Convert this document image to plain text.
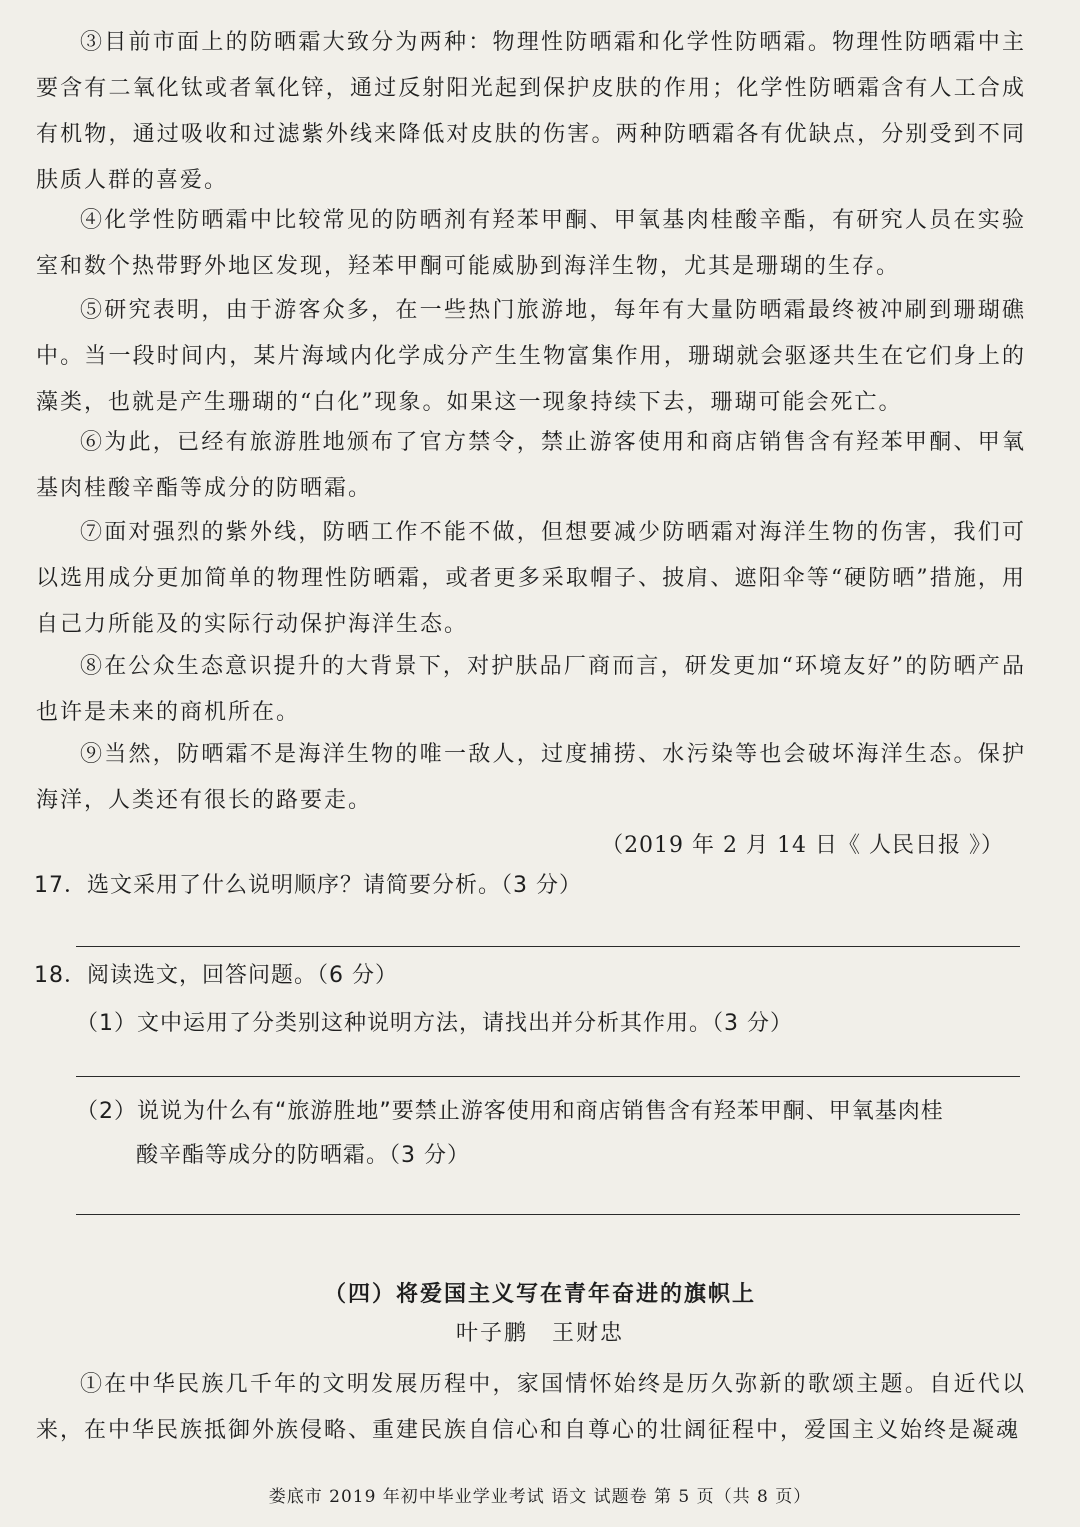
③目前市面上的防晒霜大致分为两种：物理性防晒霜和化学性防晒霜。物理性防晒霜中主要含有二氧化钛或者氧化锌，通过反射阳光起到保护皮肤的作用；化学性防晒霜含有人工合成有机物，通过吸收和过滤紫外线来降低对皮肤的伤害。两种防晒霜各有优缺点，分别受到不同肤质人群的喜爱。

④化学性防晒霜中比较常见的防晒剂有羟苯甲酮、甲氧基肉桂酸辛酯，有研究人员在实验室和数个热带野外地区发现，羟苯甲酮可能威胁到海洋生物，尤其是珊瑚的生存。

⑤研究表明，由于游客众多，在一些热门旅游地，每年有大量防晒霜最终被冲刷到珊瑚礁中。当一段时间内，某片海域内化学成分产生生物富集作用，珊瑚就会驱逐共生在它们身上的藻类，也就是产生珊瑚的“白化”现象。如果这一现象持续下去，珊瑚可能会死亡。

⑥为此，已经有旅游胜地颁布了官方禁令，禁止游客使用和商店销售含有羟苯甲酮、甲氧基肉桂酸辛酯等成分的防晒霜。

⑦面对强烈的紫外线，防晒工作不能不做，但想要减少防晒霜对海洋生物的伤害，我们可以选用成分更加简单的物理性防晒霜，或者更多采取帽子、披肩、遮阳伞等“硬防晒”措施，用自己力所能及的实际行动保护海洋生态。

⑧在公众生态意识提升的大背景下，对护肤品厂商而言，研发更加“环境友好”的防晒产品也许是未来的商机所在。

⑨当然，防晒霜不是海洋生物的唯一敌人，过度捕捞、水污染等也会破坏海洋生态。保护海洋，人类还有很长的路要走。

（2019 年 2 月 14 日《 人民日报 》）

17．选文采用了什么说明顺序？请简要分析。（3 分）

18．阅读选文，回答问题。（6 分）

（1）文中运用了分类别这种说明方法，请找出并分析其作用。（3 分）

（2）说说为什么有“旅游胜地”要禁止游客使用和商店销售含有羟苯甲酮、甲氧基肉桂

酸辛酯等成分的防晒霜。（3 分）

（四）将爱国主义写在青年奋进的旗帜上
叶子鹏　王财忠

①在中华民族几千年的文明发展历程中，家国情怀始终是历久弥新的歌颂主题。自近代以来，在中华民族抵御外族侵略、重建民族自信心和自尊心的壮阔征程中，爱国主义始终是凝魂

娄底市 2019 年初中毕业学业考试 语文 试题卷 第 5 页（共 8 页）
